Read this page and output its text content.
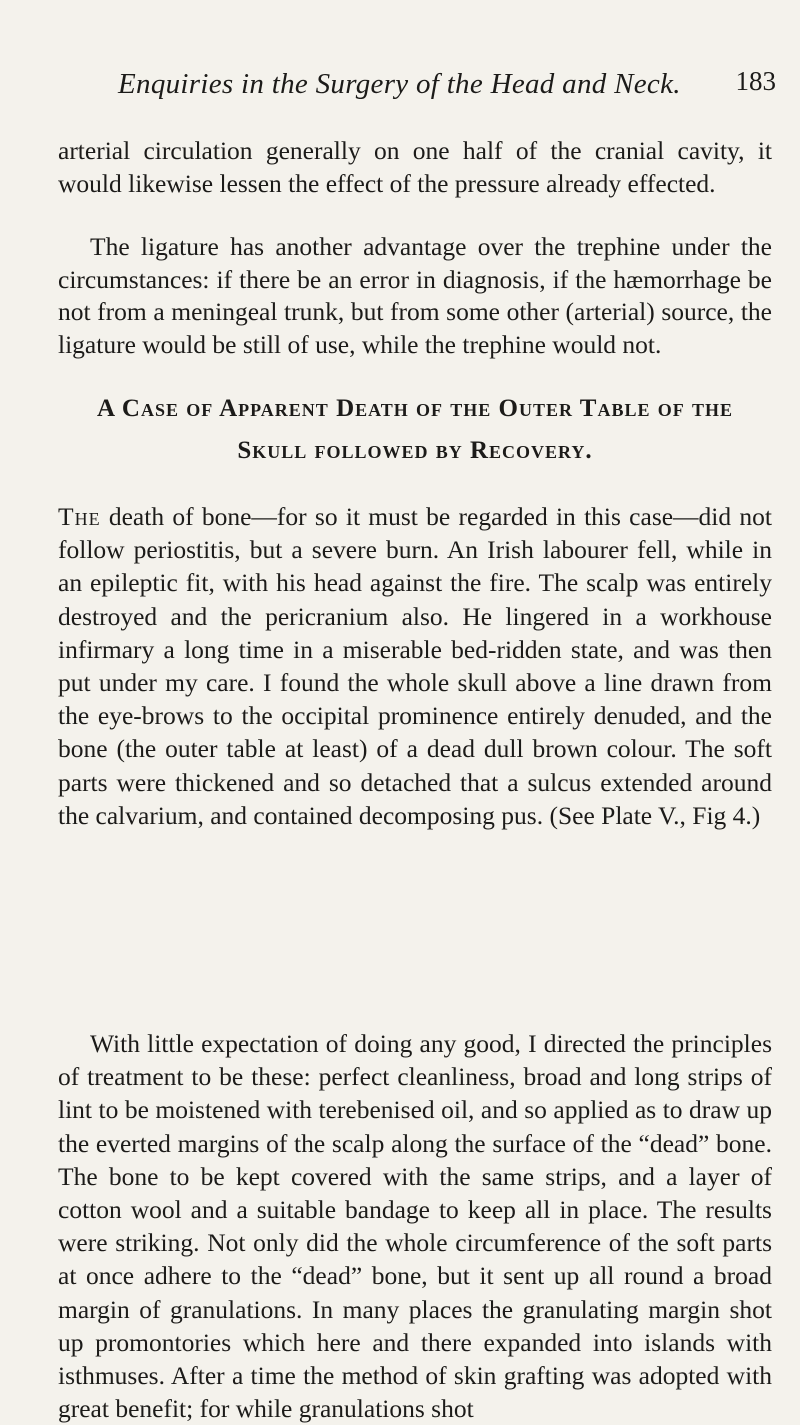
Enquiries in the Surgery of the Head and Neck.	183

arterial circulation generally on one half of the cranial cavity, it would likewise lessen the effect of the pressure already effected.

The ligature has another advantage over the trephine under the circumstances: if there be an error in diagnosis, if the hæmorrhage be not from a meningeal trunk, but from some other (arterial) source, the ligature would be still of use, while the trephine would not.

A Case of Apparent Death of the Outer Table of the
Skull followed by Recovery.

The death of bone—for so it must be regarded in this case—did not follow periostitis, but a severe burn. An Irish labourer fell, while in an epileptic fit, with his head against the fire. The scalp was entirely destroyed and the pericranium also. He lingered in a workhouse infirmary a long time in a miserable bed-ridden state, and was then put under my care. I found the whole skull above a line drawn from the eye-brows to the occipital prominence entirely denuded, and the bone (the outer table at least) of a dead dull brown colour. The soft parts were thickened and so detached that a sulcus extended around the calvarium, and contained decomposing pus. (See Plate V., Fig 4.)

With little expectation of doing any good, I directed the principles of treatment to be these: perfect cleanliness, broad and long strips of lint to be moistened with terebenised oil, and so applied as to draw up the everted margins of the scalp along the surface of the “dead” bone. The bone to be kept covered with the same strips, and a layer of cotton wool and a suitable bandage to keep all in place. The results were striking. Not only did the whole circumference of the soft parts at once adhere to the “dead” bone, but it sent up all round a broad margin of granulations. In many places the granulating margin shot up promontories which here and there expanded into islands with isthmuses. After a time the method of skin grafting was adopted with great benefit; for while granulations shot
